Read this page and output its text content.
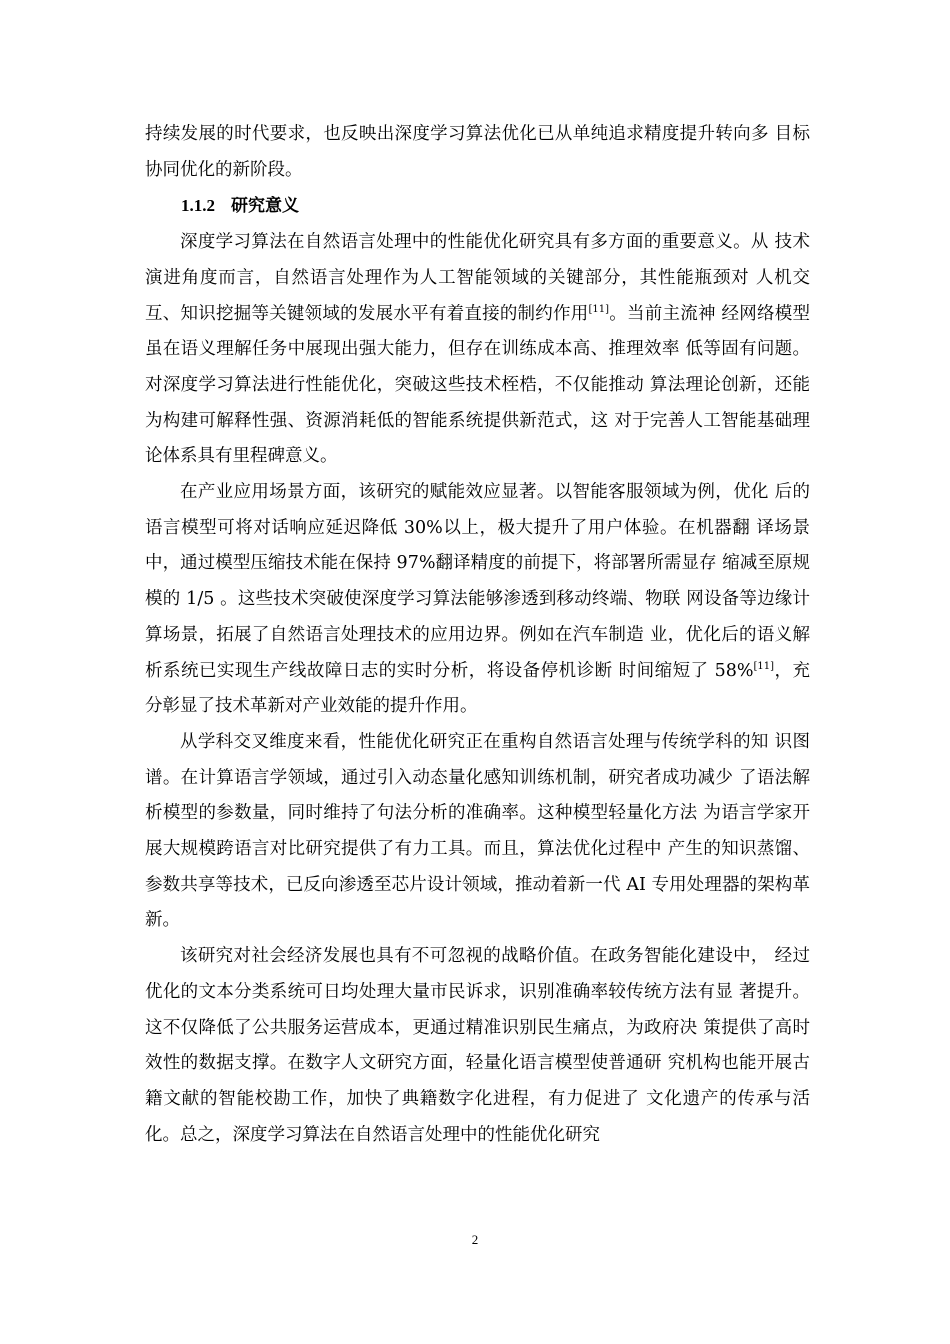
持续发展的时代要求，也反映出深度学习算法优化已从单纯追求精度提升转向多 目标协同优化的新阶段。

1.1.2 研究意义

深度学习算法在自然语言处理中的性能优化研究具有多方面的重要意义。从 技术演进角度而言，自然语言处理作为人工智能领域的关键部分，其性能瓶颈对 人机交互、知识挖掘等关键领域的发展水平有着直接的制约作用[11]。当前主流神 经网络模型虽在语义理解任务中展现出强大能力，但存在训练成本高、推理效率 低等固有问题。对深度学习算法进行性能优化，突破这些技术桎梏，不仅能推动 算法理论创新，还能为构建可解释性强、资源消耗低的智能系统提供新范式，这 对于完善人工智能基础理论体系具有里程碑意义。

在产业应用场景方面，该研究的赋能效应显著。以智能客服领域为例，优化 后的语言模型可将对话响应延迟降低 30%以上，极大提升了用户体验。在机器翻 译场景中，通过模型压缩技术能在保持 97%翻译精度的前提下，将部署所需显存 缩减至原规模的 1/5 。这些技术突破使深度学习算法能够渗透到移动终端、物联 网设备等边缘计算场景，拓展了自然语言处理技术的应用边界。例如在汽车制造 业，优化后的语义解析系统已实现生产线故障日志的实时分析，将设备停机诊断 时间缩短了 58%[11]，充分彰显了技术革新对产业效能的提升作用。

从学科交叉维度来看，性能优化研究正在重构自然语言处理与传统学科的知 识图谱。在计算语言学领域，通过引入动态量化感知训练机制，研究者成功减少 了语法解析模型的参数量，同时维持了句法分析的准确率。这种模型轻量化方法 为语言学家开展大规模跨语言对比研究提供了有力工具。而且，算法优化过程中 产生的知识蒸馏、参数共享等技术，已反向渗透至芯片设计领域，推动着新一代 AI 专用处理器的架构革新。

该研究对社会经济发展也具有不可忽视的战略价值。在政务智能化建设中， 经过优化的文本分类系统可日均处理大量市民诉求，识别准确率较传统方法有显 著提升。这不仅降低了公共服务运营成本，更通过精准识别民生痛点，为政府决 策提供了高时效性的数据支撑。在数字人文研究方面，轻量化语言模型使普通研 究机构也能开展古籍文献的智能校勘工作，加快了典籍数字化进程，有力促进了 文化遗产的传承与活化。总之，深度学习算法在自然语言处理中的性能优化研究

2
